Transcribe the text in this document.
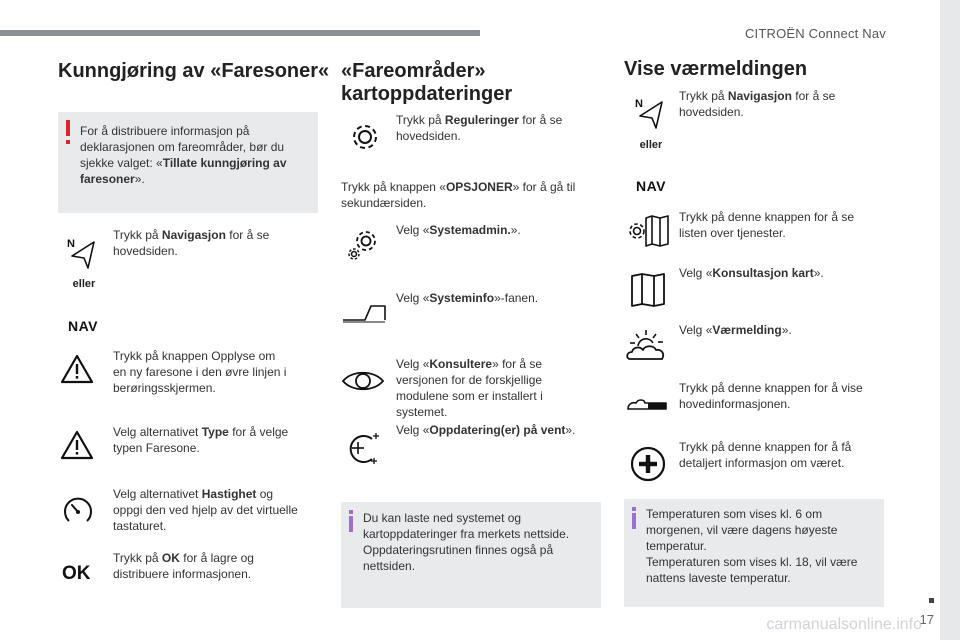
CITROËN Connect Nav
17
carmanualsonline.info
Kunngjøring av «Faresoner«
For å distribuere informasjon på
deklarasjonen om fareområder, bør du
sjekke valget: «Tillate kunngjøring av
faresoner».
N
eller
NAV
Trykk på Navigasjon for å se
hovedsiden.
Trykk på knappen Opplyse om
en ny faresone i den øvre linjen i
berøringsskjermen.
Velg alternativet Type for å velge
typen Faresone.
Velg alternativet Hastighet og
oppgi den ved hjelp av det virtuelle
tastaturet.
OK
Trykk på OK for å lagre og
distribuere informasjonen.
«Fareområder»
kartoppdateringer
Trykk på Reguleringer for å se
hovedsiden.
Trykk på knappen «OPSJONER» for å gå til
sekundærsiden.
Velg «Systemadmin.».
Velg «Systeminfo»-fanen.
Velg «Konsultere» for å se
versjonen for de forskjellige
modulene som er installert i
systemet.
Velg «Oppdatering(er) på vent».
Du kan laste ned systemet og
kartoppdateringer fra merkets nettside.
Oppdateringsrutinen finnes også på
nettsiden.
Vise værmeldingen
N
eller
NAV
Trykk på Navigasjon for å se
hovedsiden.
Trykk på denne knappen for å se
listen over tjenester.
Velg «Konsultasjon kart».
Velg «Værmelding».
Trykk på denne knappen for å vise
hovedinformasjonen.
Trykk på denne knappen for å få
detaljert informasjon om været.
Temperaturen som vises kl. 6 om
morgenen, vil være dagens høyeste
temperatur.
Temperaturen som vises kl. 18, vil være
nattens laveste temperatur.
